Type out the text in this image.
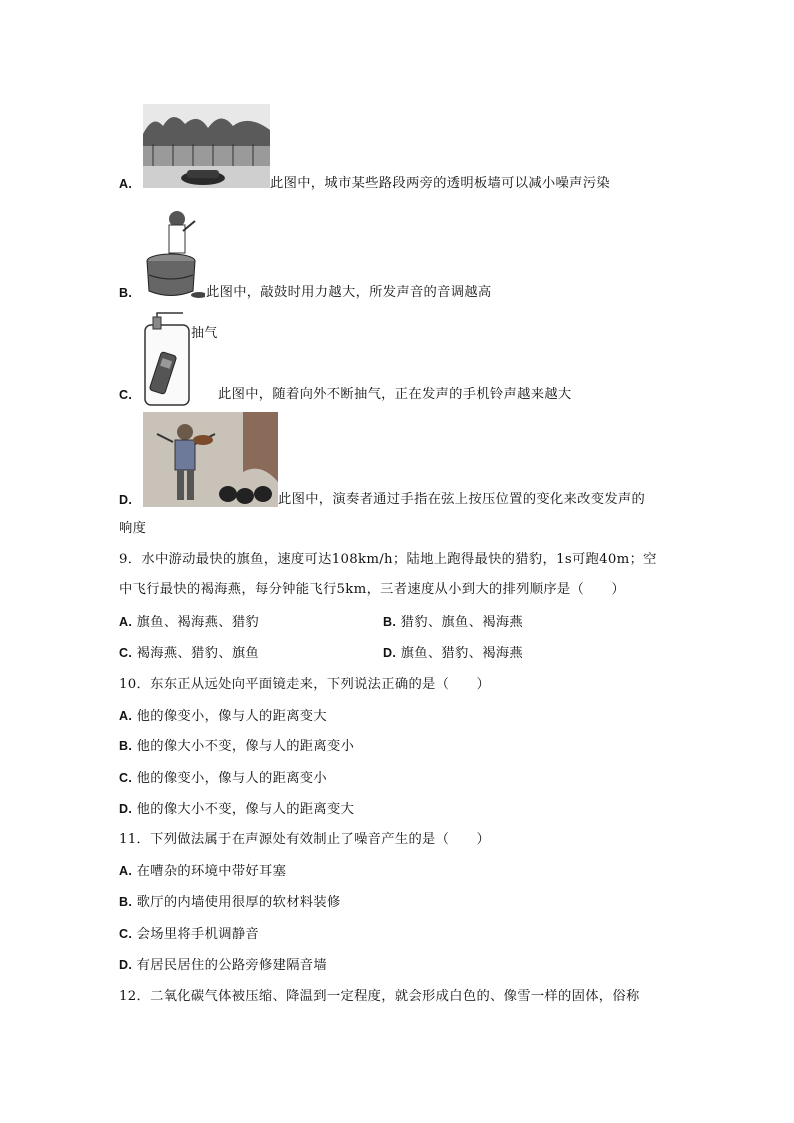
A.	此图中，城市某些路段两旁的透明板墙可以减小噪声污染
B.	此图中，敲鼓时用力越大，所发声音的音调越高
抽气
C.	此图中，随着向外不断抽气，正在发声的手机铃声越来越大
D.	此图中，演奏者通过手指在弦上按压位置的变化来改变发声的
响度
9．水中游动最快的旗鱼，速度可达108km/h；陆地上跑得最快的猎豹，1s可跑40m；空
中飞行最快的褐海燕，每分钟能飞行5km，三者速度从小到大的排列顺序是（　　）
A. 旗鱼、褐海燕、猎豹	B. 猎豹、旗鱼、褐海燕
C. 褐海燕、猎豹、旗鱼	D. 旗鱼、猎豹、褐海燕
10．东东正从远处向平面镜走来，下列说法正确的是（　　）
A. 他的像变小，像与人的距离变大
B. 他的像大小不变，像与人的距离变小
C. 他的像变小，像与人的距离变小
D. 他的像大小不变，像与人的距离变大
11．下列做法属于在声源处有效制止了噪音产生的是（　　）
A. 在嘈杂的环境中带好耳塞
B. 歌厅的内墙使用很厚的软材料装修
C. 会场里将手机调静音
D. 有居民居住的公路旁修建隔音墙
12．二氧化碳气体被压缩、降温到一定程度，就会形成白色的、像雪一样的固体，俗称
